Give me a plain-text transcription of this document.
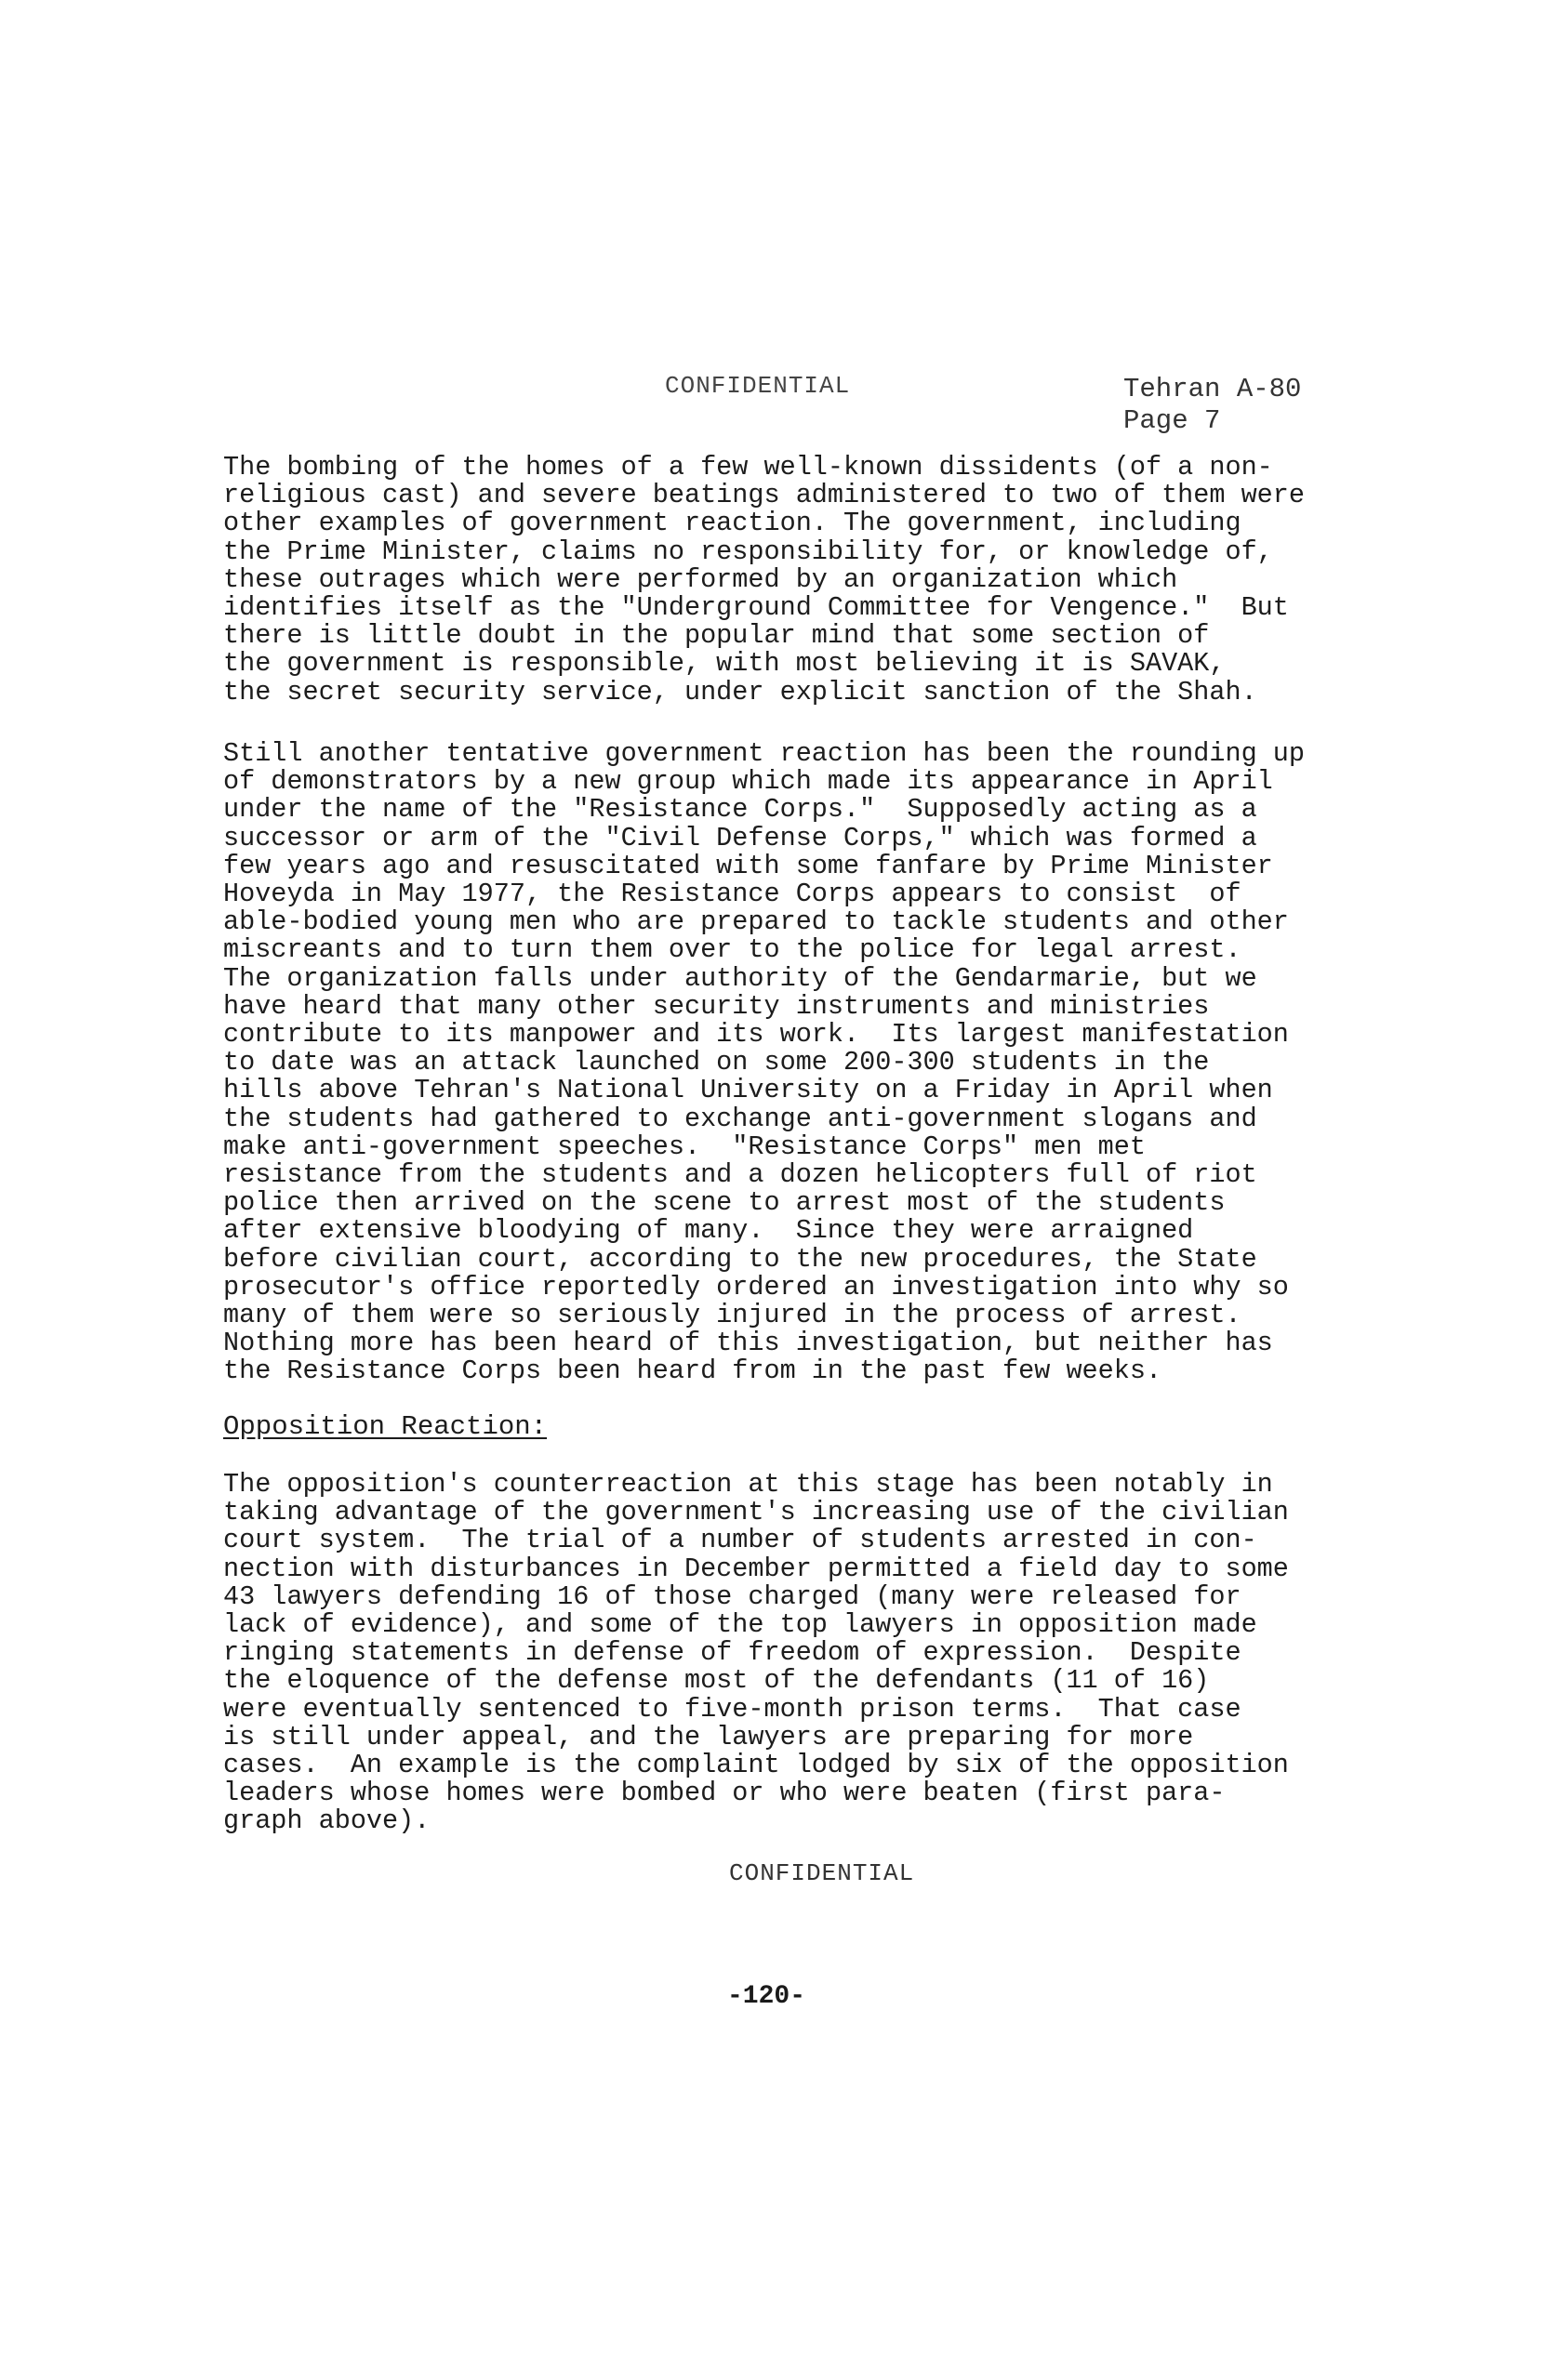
CONFIDENTIAL	Tehran A-80
Page 7
The bombing of the homes of a few well-known dissidents (of a non-
religious cast) and severe beatings administered to two of them were
other examples of government reaction. The government, including
the Prime Minister, claims no responsibility for, or knowledge of,
these outrages which were performed by an organization which
identifies itself as the "Underground Committee for Vengence."  But
there is little doubt in the popular mind that some section of
the government is responsible, with most believing it is SAVAK,
the secret security service, under explicit sanction of the Shah.
Still another tentative government reaction has been the rounding up
of demonstrators by a new group which made its appearance in April
under the name of the "Resistance Corps."  Supposedly acting as a
successor or arm of the "Civil Defense Corps," which was formed a
few years ago and resuscitated with some fanfare by Prime Minister
Hoveyda in May 1977, the Resistance Corps appears to consist  of
able-bodied young men who are prepared to tackle students and other
miscreants and to turn them over to the police for legal arrest.
The organization falls under authority of the Gendarmarie, but we
have heard that many other security instruments and ministries
contribute to its manpower and its work.  Its largest manifestation
to date was an attack launched on some 200-300 students in the
hills above Tehran's National University on a Friday in April when
the students had gathered to exchange anti-government slogans and
make anti-government speeches.  "Resistance Corps" men met
resistance from the students and a dozen helicopters full of riot
police then arrived on the scene to arrest most of the students
after extensive bloodying of many.  Since they were arraigned
before civilian court, according to the new procedures, the State
prosecutor's office reportedly ordered an investigation into why so
many of them were so seriously injured in the process of arrest.
Nothing more has been heard of this investigation, but neither has
the Resistance Corps been heard from in the past few weeks.
Opposition Reaction:
The opposition's counterreaction at this stage has been notably in
taking advantage of the government's increasing use of the civilian
court system.  The trial of a number of students arrested in con-
nection with disturbances in December permitted a field day to some
43 lawyers defending 16 of those charged (many were released for
lack of evidence), and some of the top lawyers in opposition made
ringing statements in defense of freedom of expression.  Despite
the eloquence of the defense most of the defendants (11 of 16)
were eventually sentenced to five-month prison terms.  That case
is still under appeal, and the lawyers are preparing for more
cases.  An example is the complaint lodged by six of the opposition
leaders whose homes were bombed or who were beaten (first para-
graph above).
CONFIDENTIAL
-120-
